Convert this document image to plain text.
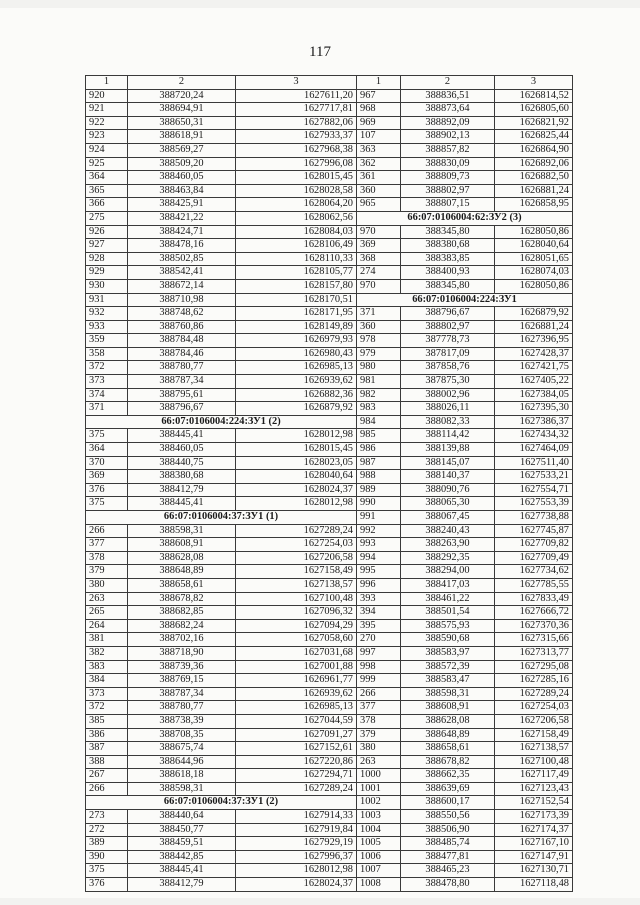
117
1	2	3
920	388720,24	1627611,20
921	388694,91	1627717,81
922	388650,31	1627882,06
923	388618,91	1627933,37
924	388569,27	1627968,38
925	388509,20	1627996,08
364	388460,05	1628015,45
365	388463,84	1628028,58
366	388425,91	1628064,20
275	388421,22	1628062,56
926	388424,71	1628084,03
927	388478,16	1628106,49
928	388502,85	1628110,33
929	388542,41	1628105,77
930	388672,14	1628157,80
931	388710,98	1628170,51
932	388748,62	1628171,95
933	388760,86	1628149,89
359	388784,48	1626979,93
358	388784,46	1626980,43
372	388780,77	1626985,13
373	388787,34	1626939,62
374	388795,61	1626882,36
371	388796,67	1626879,92
66:07:0106004:224:ЗУ1 (2)		
375	388445,41	1628012,98
364	388460,05	1628015,45
370	388440,75	1628023,05
369	388380,68	1628040,64
376	388412,79	1628024,37
375	388445,41	1628012,98
66:07:0106004:37:ЗУ1 (1)		
266	388598,31	1627289,24
377	388608,91	1627254,03
378	388628,08	1627206,58
379	388648,89	1627158,49
380	388658,61	1627138,57
263	388678,82	1627100,48
265	388682,85	1627096,32
264	388682,24	1627094,29
381	388702,16	1627058,60
382	388718,90	1627031,68
383	388739,36	1627001,88
384	388769,15	1626961,77
373	388787,34	1626939,62
372	388780,77	1626985,13
385	388738,39	1627044,59
386	388708,35	1627091,27
387	388675,74	1627152,61
388	388644,96	1627220,86
267	388618,18	1627294,71
266	388598,31	1627289,24
66:07:0106004:37:ЗУ1 (2)		
273	388440,64	1627914,33
272	388450,77	1627919,84
389	388459,51	1627929,19
390	388442,85	1627996,37
375	388445,41	1628012,98
376	388412,79	1628024,37
1	2	3
967	388836,51	1626814,52
968	388873,64	1626805,60
969	388892,09	1626821,92
107	388902,13	1626825,44
363	388857,82	1626864,90
362	388830,09	1626892,06
361	388809,73	1626882,50
360	388802,97	1626881,24
965	388807,15	1626858,95
66:07:0106004:62:ЗУ2 (3)		
970	388345,80	1628050,86
369	388380,68	1628040,64
368	388383,85	1628051,65
274	388400,93	1628074,03
970	388345,80	1628050,86
66:07:0106004:224:ЗУ1		
371	388796,67	1626879,92
360	388802,97	1626881,24
978	387778,73	1627396,95
979	387817,09	1627428,37
980	387858,76	1627421,75
981	387875,30	1627405,22
982	388002,96	1627384,05
983	388026,11	1627395,30
984	388082,33	1627386,37
985	388114,42	1627434,32
986	388139,88	1627464,09
987	388145,07	1627511,40
988	388140,37	1627533,21
989	388090,76	1627554,71
990	388065,30	1627553,39
991	388067,45	1627738,88
992	388240,43	1627745,87
993	388263,90	1627709,82
994	388292,35	1627709,49
995	388294,00	1627734,62
996	388417,03	1627785,55
393	388461,22	1627833,49
394	388501,54	1627666,72
395	388575,93	1627370,36
270	388590,68	1627315,66
997	388583,97	1627313,77
998	388572,39	1627295,08
999	388583,47	1627285,16
266	388598,31	1627289,24
377	388608,91	1627254,03
378	388628,08	1627206,58
379	388648,89	1627158,49
380	388658,61	1627138,57
263	388678,82	1627100,48
1000	388662,35	1627117,49
1001	388639,69	1627123,43
1002	388600,17	1627152,54
1003	388550,56	1627173,39
1004	388506,90	1627174,37
1005	388485,74	1627167,10
1006	388477,81	1627147,91
1007	388465,23	1627130,71
1008	388478,80	1627118,48
